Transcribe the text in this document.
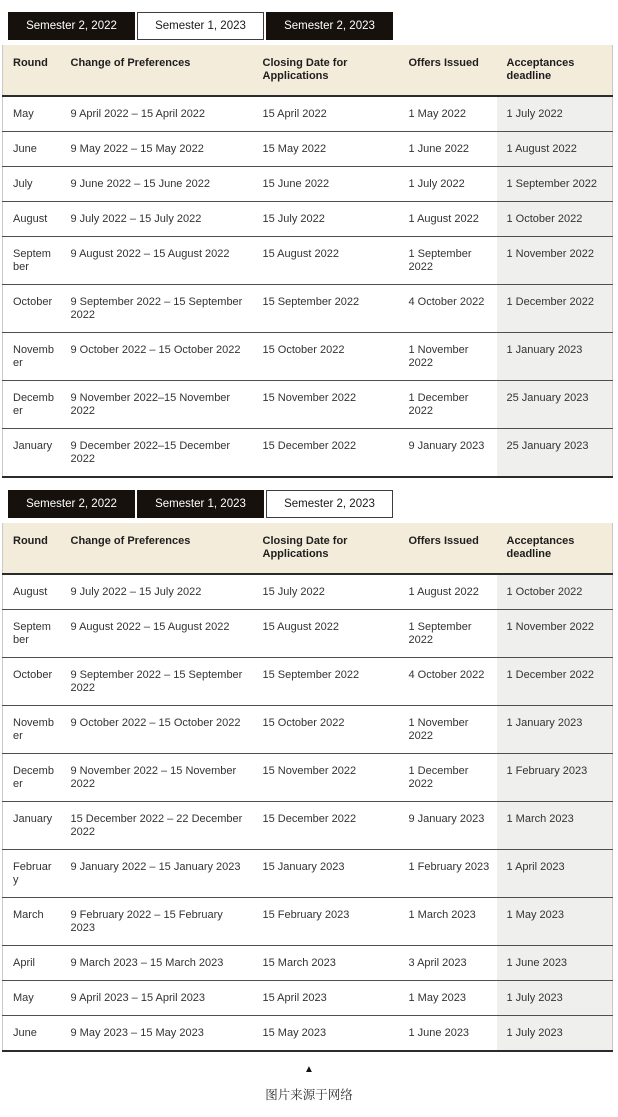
Semester 2, 2022	Semester 1, 2023	Semester 2, 2023
Round	Change of Preferences	Closing Date for Applications	Offers Issued	Acceptances deadline
May	9 April 2022 – 15 April 2022	15 April 2022	1 May 2022	1 July 2022
June	9 May 2022 – 15 May 2022	15 May 2022	1 June 2022	1 August 2022
July	9 June 2022 – 15 June 2022	15 June 2022	1 July 2022	1 September 2022
August	9 July 2022 – 15 July 2022	15 July 2022	1 August 2022	1 October 2022
September	9 August 2022 – 15 August 2022	15 August 2022	1 September 2022	1 November 2022
October	9 September 2022 – 15 September 2022	15 September 2022	4 October 2022	1 December 2022
November	9 October 2022 – 15 October 2022	15 October 2022	1 November 2022	1 January 2023
December	9 November 2022–15 November 2022	15 November 2022	1 December 2022	25 January 2023
January	9 December 2022–15 December 2022	15 December 2022	9 January 2023	25 January 2023
Semester 2, 2022	Semester 1, 2023	Semester 2, 2023
Round	Change of Preferences	Closing Date for Applications	Offers Issued	Acceptances deadline
August	9 July 2022 – 15 July 2022	15 July 2022	1 August 2022	1 October 2022
September	9 August 2022 – 15 August 2022	15 August 2022	1 September 2022	1 November 2022
October	9 September 2022 – 15 September 2022	15 September 2022	4 October 2022	1 December 2022
November	9 October 2022 – 15 October 2022	15 October 2022	1 November 2022	1 January 2023
December	9 November 2022 – 15 November 2022	15 November 2022	1 December 2022	1 February 2023
January	15 December 2022 – 22 December 2022	15 December 2022	9 January 2023	1 March 2023
February	9 January 2022 – 15 January 2023	15 January 2023	1 February 2023	1 April 2023
March	9 February 2022 – 15 February 2023	15 February 2023	1 March 2023	1 May 2023
April	9 March 2023 – 15 March 2023	15 March 2023	3 April 2023	1 June 2023
May	9 April 2023 – 15 April 2023	15 April 2023	1 May 2023	1 July 2023
June	9 May 2023 – 15 May 2023	15 May 2023	1 June 2023	1 July 2023
▲
图片来源于网络
